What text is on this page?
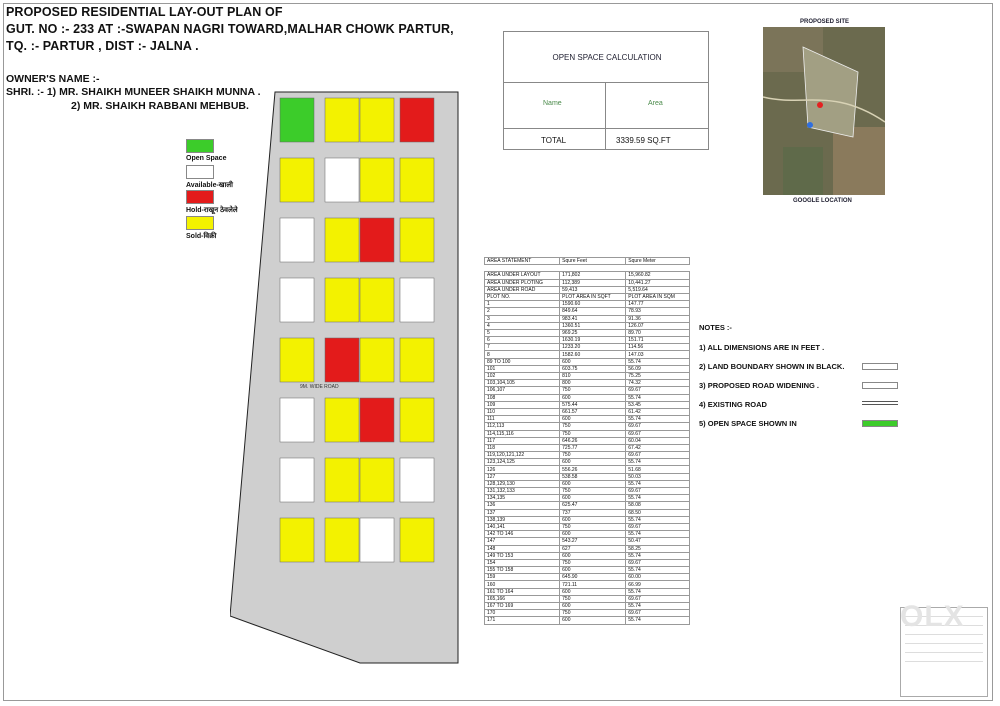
PROPOSED RESIDENTIAL LAY-OUT PLAN OF
GUT. NO :- 233 AT :-SWAPAN NAGRI TOWARD,MALHAR CHOWK PARTUR,
TQ. :- PARTUR , DIST :- JALNA .
OWNER'S NAME :-
SHRI. :- 1) MR. SHAIKH MUNEER SHAIKH MUNNA .
2) MR. SHAIKH RABBANI MEHBUB.
Open Space
Available-खाली
Hold-राखून ठेवलेले
Sold-विक्री
9M. WIDE ROAD
OPEN SPACE CALCULATION
Name	Area
TOTAL	3339.59 SQ.FT
PROPOSED SITE
GOOGLE LOCATION
AREA STATEMENT	Squre Feet	Squre Meter

AREA UNDER LAYOUT	171,802	15,960.82
AREA UNDER PLOTING	112,389	10,441.27
AREA UNDER ROAD	59,413	5,519.64
PLOT NO.	PLOT AREA IN SQFT	PLOT AREA IN SQM
1	1590.60	147.77
2	849.64	78.93
3	983.41	91.36
4	1360.51	126.07
5	969.25	89.70
6	1630.19	151.71
7	1233.20	114.56
8	1582.60	147.03
89 TO 100	600	55.74
101	603.75	56.09
102	810	75.25
103,104,105	800	74.32
106,107	750	69.67
108	600	55.74
109	575.44	53.45
110	661.57	61.42
111	600	55.74
112,113	750	69.67
114,115,116	750	69.67
117	646.26	60.04
118	725.77	67.42
119,120,121,122	750	69.67
123,124,125	600	55.74
126	556.26	51.68
127	538.58	50.03
128,129,130	600	55.74
131,132,133	750	69.67
134,135	600	55.74
136	625.47	58.08
137	737	68.50
138,139	600	55.74
140,141	750	69.67
142 TO 146	600	55.74
147	543.27	50.47
148	627	58.25
149 TO 153	600	55.74
154	750	69.67
155 TO 158	600	55.74
159	645.90	60.00
160	721.11	66.99
161 TO 164	600	55.74
165,166	750	69.67
167 TO 169	600	55.74
170	750	69.67
171	600	55.74
NOTES :-
1) ALL DIMENSIONS ARE IN FEET .
2) LAND BOUNDARY SHOWN IN BLACK.
3) PROPOSED ROAD WIDENING .
4) EXISTING ROAD
5) OPEN SPACE SHOWN IN
OLX
